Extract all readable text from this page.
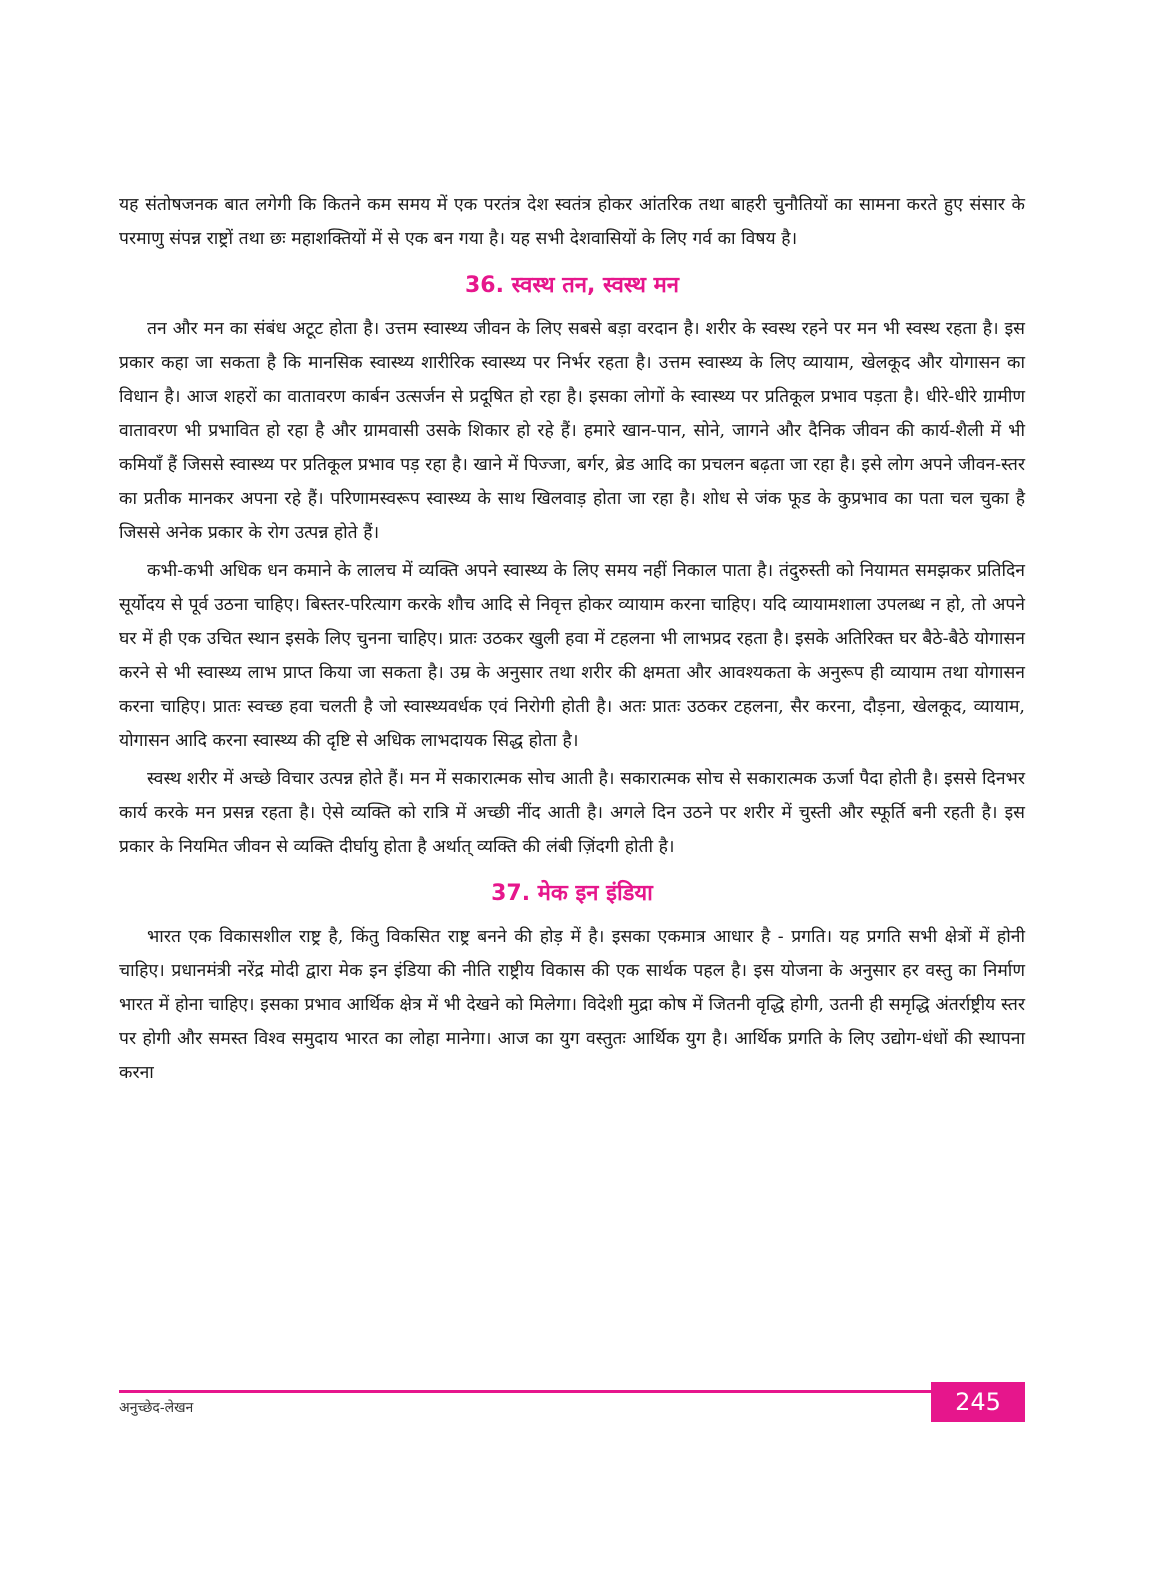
यह संतोषजनक बात लगेगी कि कितने कम समय में एक परतंत्र देश स्वतंत्र होकर आंतरिक तथा बाहरी चुनौतियों का सामना करते हुए संसार के परमाणु संपन्न राष्ट्रों तथा छः महाशक्तियों में से एक बन गया है। यह सभी देशवासियों के लिए गर्व का विषय है।

36. स्वस्थ तन, स्वस्थ मन

तन और मन का संबंध अटूट होता है। उत्तम स्वास्थ्य जीवन के लिए सबसे बड़ा वरदान है। शरीर के स्वस्थ रहने पर मन भी स्वस्थ रहता है। इस प्रकार कहा जा सकता है कि मानसिक स्वास्थ्य शारीरिक स्वास्थ्य पर निर्भर रहता है। उत्तम स्वास्थ्य के लिए व्यायाम, खेलकूद और योगासन का विधान है। आज शहरों का वातावरण कार्बन उत्सर्जन से प्रदूषित हो रहा है। इसका लोगों के स्वास्थ्य पर प्रतिकूल प्रभाव पड़ता है। धीरे-धीरे ग्रामीण वातावरण भी प्रभावित हो रहा है और ग्रामवासी उसके शिकार हो रहे हैं। हमारे खान-पान, सोने, जागने और दैनिक जीवन की कार्य-शैली में भी कमियाँ हैं जिससे स्वास्थ्य पर प्रतिकूल प्रभाव पड़ रहा है। खाने में पिज्जा, बर्गर, ब्रेड आदि का प्रचलन बढ़ता जा रहा है। इसे लोग अपने जीवन-स्तर का प्रतीक मानकर अपना रहे हैं। परिणामस्वरूप स्वास्थ्य के साथ खिलवाड़ होता जा रहा है। शोध से जंक फूड के कुप्रभाव का पता चल चुका है जिससे अनेक प्रकार के रोग उत्पन्न होते हैं।

कभी-कभी अधिक धन कमाने के लालच में व्यक्ति अपने स्वास्थ्य के लिए समय नहीं निकाल पाता है। तंदुरुस्ती को नियामत समझकर प्रतिदिन सूर्योदय से पूर्व उठना चाहिए। बिस्तर-परित्याग करके शौच आदि से निवृत्त होकर व्यायाम करना चाहिए। यदि व्यायामशाला उपलब्ध न हो, तो अपने घर में ही एक उचित स्थान इसके लिए चुनना चाहिए। प्रातः उठकर खुली हवा में टहलना भी लाभप्रद रहता है। इसके अतिरिक्त घर बैठे-बैठे योगासन करने से भी स्वास्थ्य लाभ प्राप्त किया जा सकता है। उम्र के अनुसार तथा शरीर की क्षमता और आवश्यकता के अनुरूप ही व्यायाम तथा योगासन करना चाहिए। प्रातः स्वच्छ हवा चलती है जो स्वास्थ्यवर्धक एवं निरोगी होती है। अतः प्रातः उठकर टहलना, सैर करना, दौड़ना, खेलकूद, व्यायाम, योगासन आदि करना स्वास्थ्य की दृष्टि से अधिक लाभदायक सिद्ध होता है।

स्वस्थ शरीर में अच्छे विचार उत्पन्न होते हैं। मन में सकारात्मक सोच आती है। सकारात्मक सोच से सकारात्मक ऊर्जा पैदा होती है। इससे दिनभर कार्य करके मन प्रसन्न रहता है। ऐसे व्यक्ति को रात्रि में अच्छी नींद आती है। अगले दिन उठने पर शरीर में चुस्ती और स्फूर्ति बनी रहती है। इस प्रकार के नियमित जीवन से व्यक्ति दीर्घायु होता है अर्थात् व्यक्ति की लंबी ज़िंदगी होती है।

37. मेक इन इंडिया

भारत एक विकासशील राष्ट्र है, किंतु विकसित राष्ट्र बनने की होड़ में है। इसका एकमात्र आधार है - प्रगति। यह प्रगति सभी क्षेत्रों में होनी चाहिए। प्रधानमंत्री नरेंद्र मोदी द्वारा मेक इन इंडिया की नीति राष्ट्रीय विकास की एक सार्थक पहल है। इस योजना के अनुसार हर वस्तु का निर्माण भारत में होना चाहिए। इसका प्रभाव आर्थिक क्षेत्र में भी देखने को मिलेगा। विदेशी मुद्रा कोष में जितनी वृद्धि होगी, उतनी ही समृद्धि अंतर्राष्ट्रीय स्तर पर होगी और समस्त विश्व समुदाय भारत का लोहा मानेगा। आज का युग वस्तुतः आर्थिक युग है। आर्थिक प्रगति के लिए उद्योग-धंधों की स्थापना करना

अनुच्छेद-लेखन	245
